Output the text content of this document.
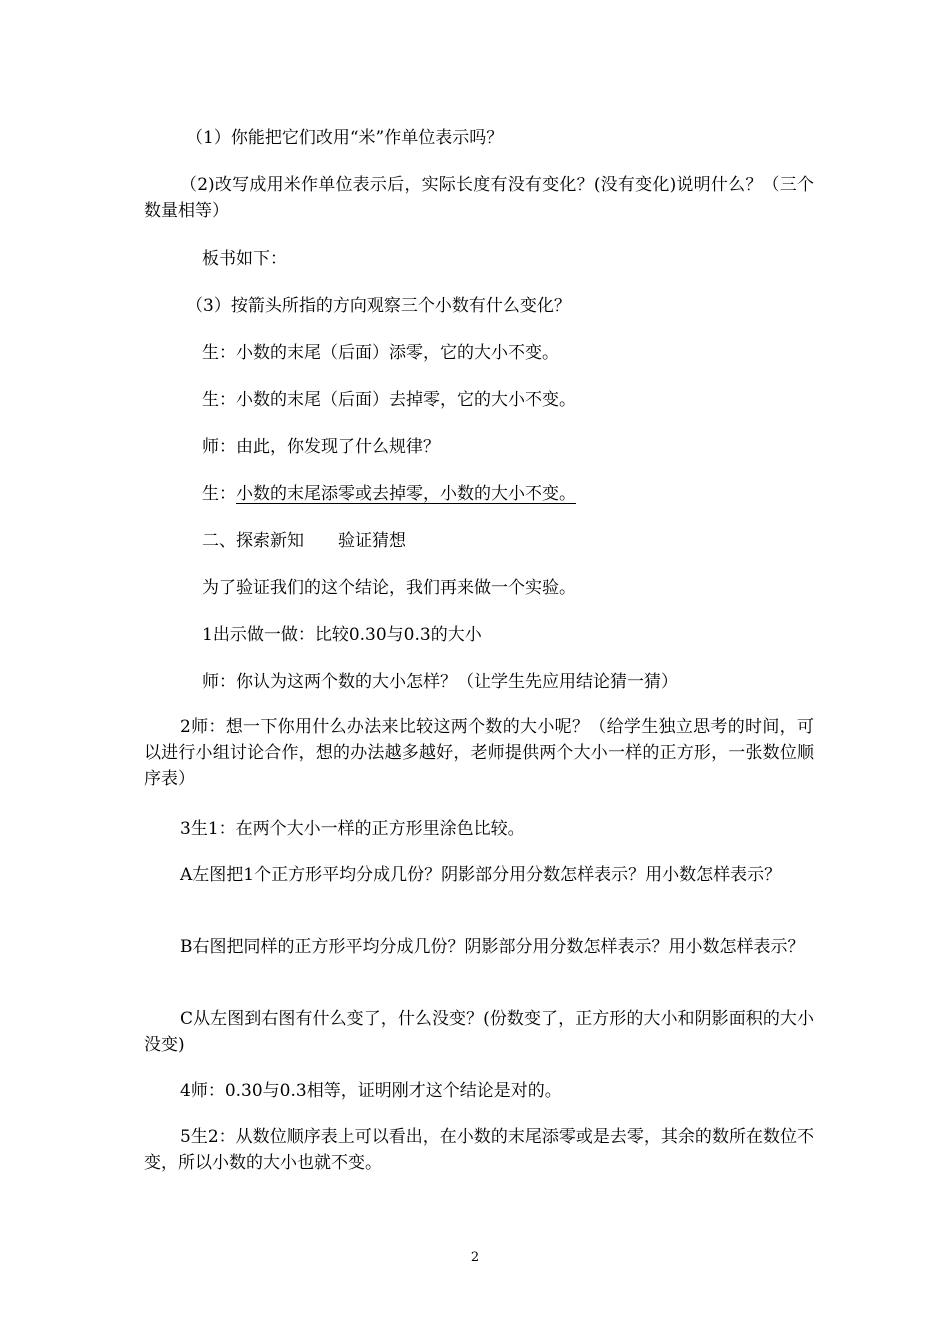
（1）你能把它们改用“米”作单位表示吗？
（2)改写成用米作单位表示后，实际长度有没有变化？(没有变化)说明什么？（三个数量相等）
板书如下：
（3）按箭头所指的方向观察三个小数有什么变化？
生：小数的末尾（后面）添零，它的大小不变。
生：小数的末尾（后面）去掉零，它的大小不变。
师：由此，你发现了什么规律？
生：小数的末尾添零或去掉零，小数的大小不变。
二、探索新知　　验证猜想
为了验证我们的这个结论，我们再来做一个实验。
1出示做一做：比较0.30与0.3的大小
师：你认为这两个数的大小怎样？（让学生先应用结论猜一猜）
2师：想一下你用什么办法来比较这两个数的大小呢？（给学生独立思考的时间，可以进行小组讨论合作，想的办法越多越好，老师提供两个大小一样的正方形，一张数位顺序表）
3生1：在两个大小一样的正方形里涂色比较。
A左图把1个正方形平均分成几份？阴影部分用分数怎样表示？用小数怎样表示？
B右图把同样的正方形平均分成几份？阴影部分用分数怎样表示？用小数怎样表示？
C从左图到右图有什么变了，什么没变？(份数变了，正方形的大小和阴影面积的大小没变)
4师：0.30与0.3相等，证明刚才这个结论是对的。
5生2：从数位顺序表上可以看出，在小数的末尾添零或是去零，其余的数所在数位不变，所以小数的大小也就不变。
2
